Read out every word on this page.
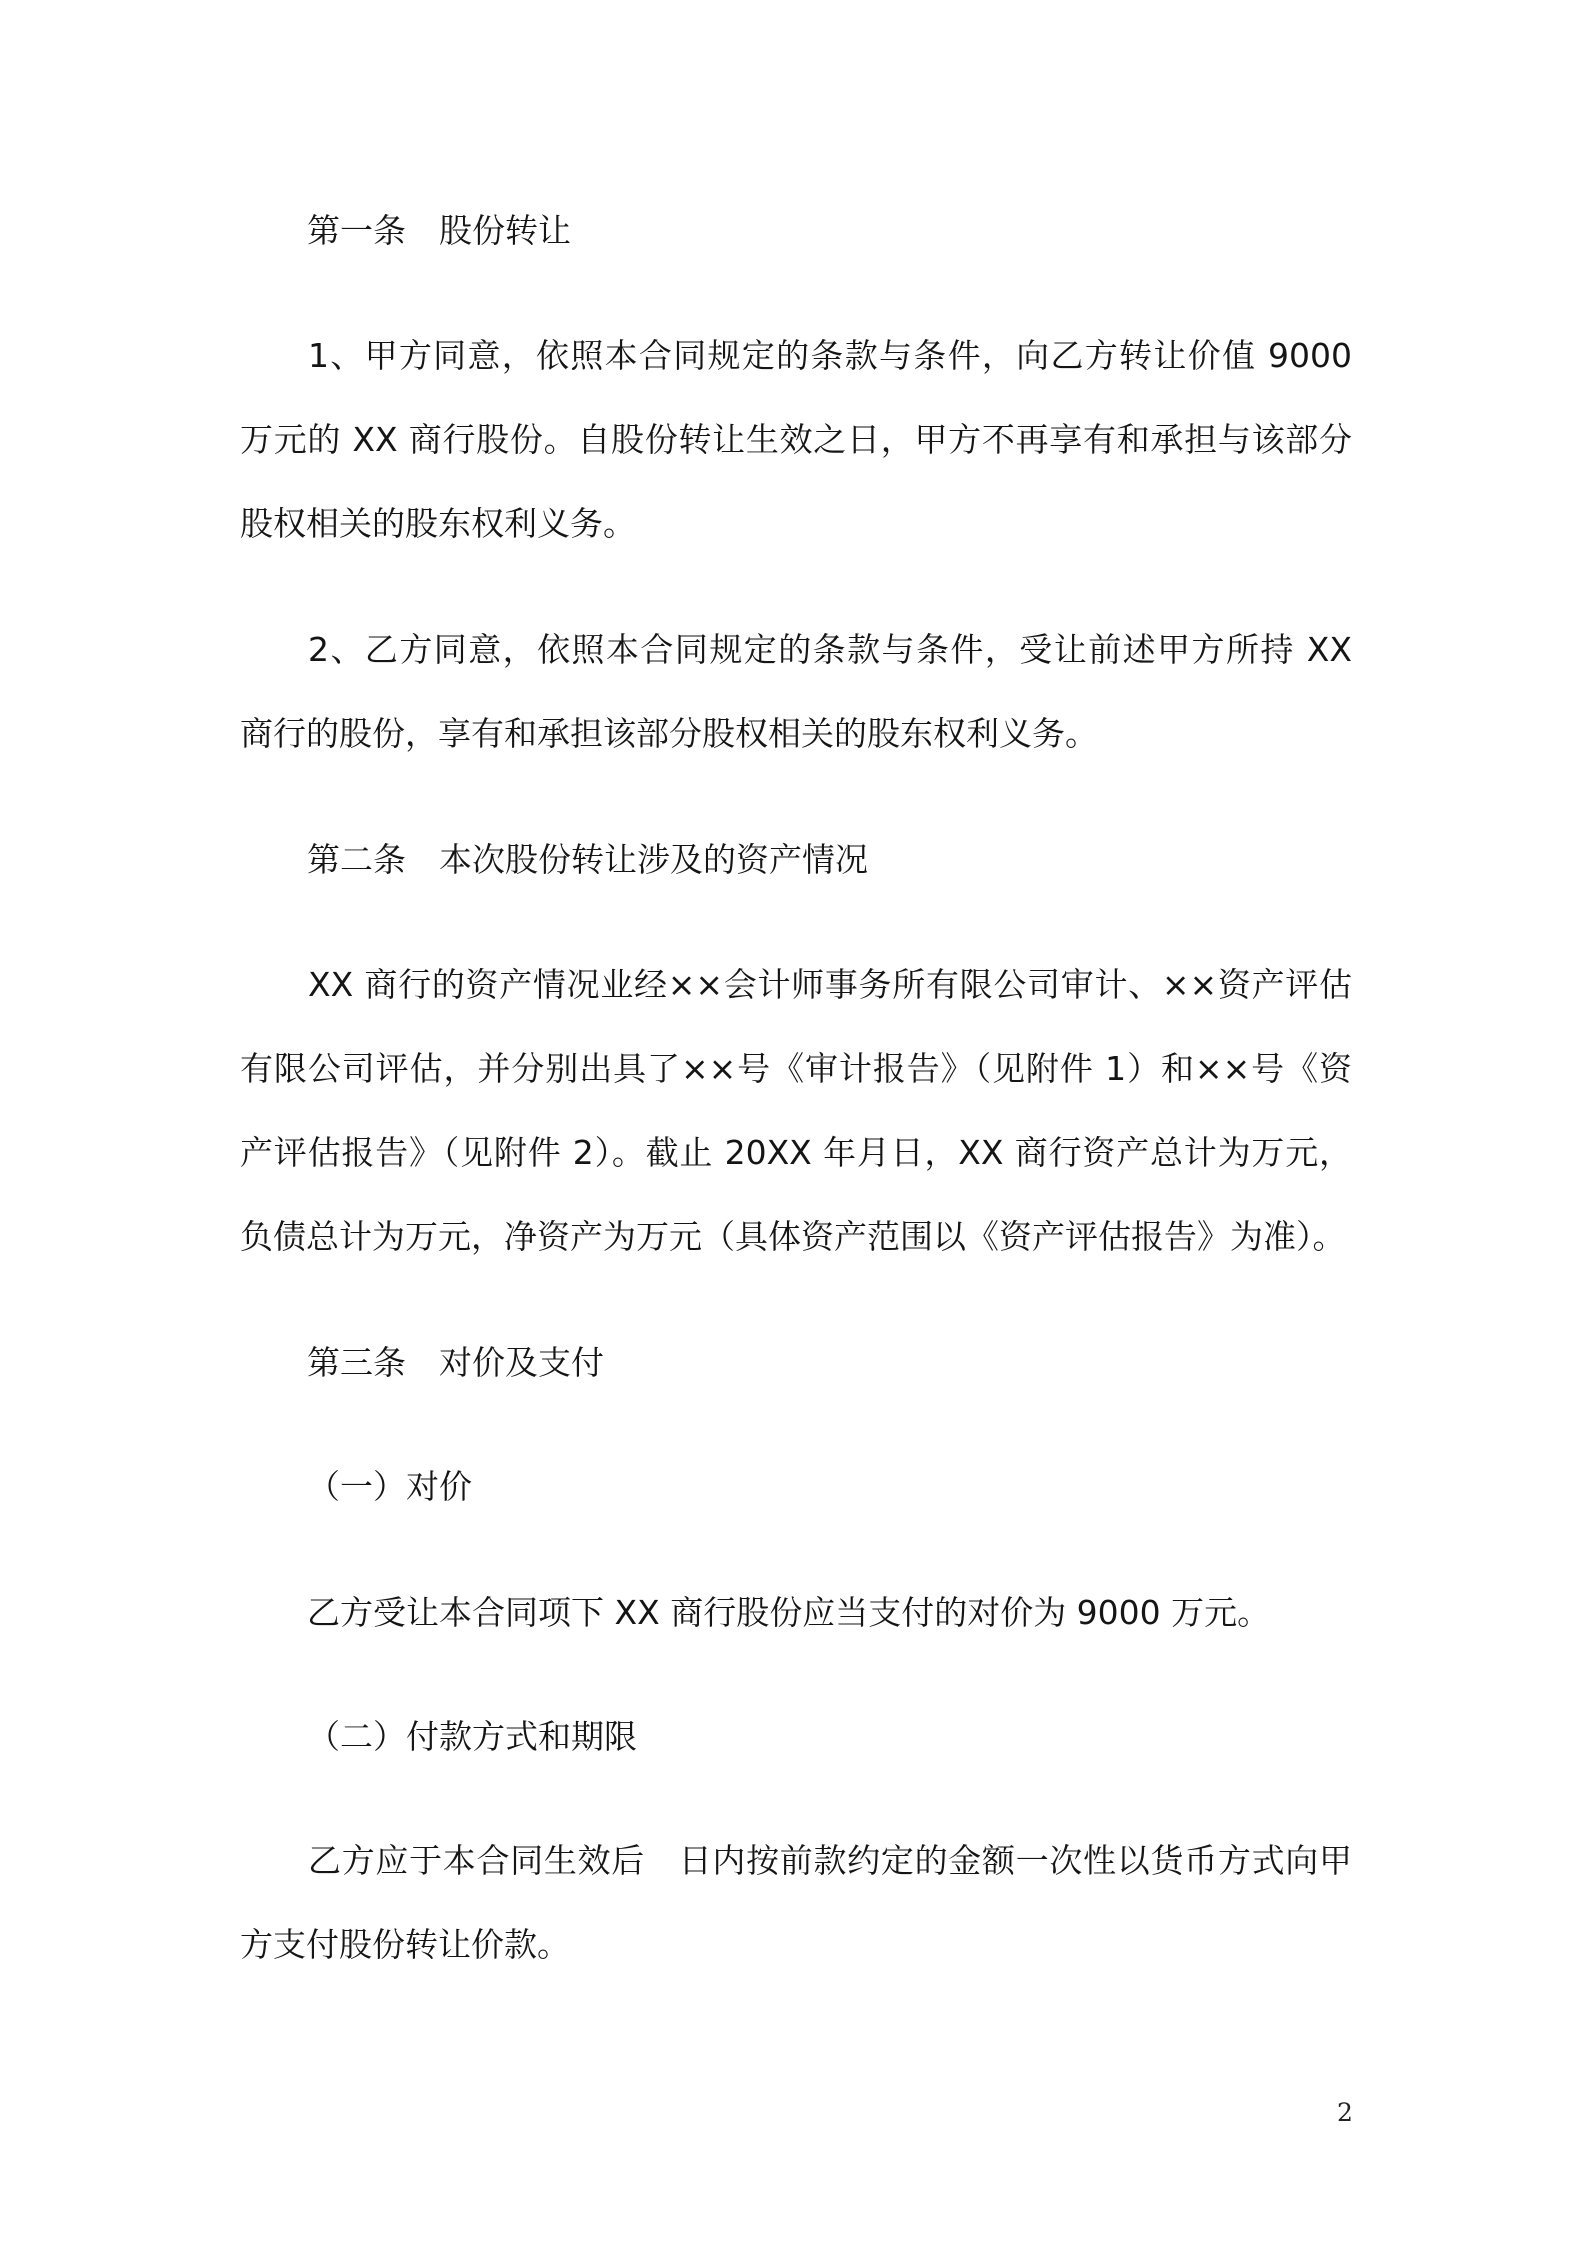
第一条　股份转让
1、甲方同意，依照本合同规定的条款与条件，向乙方转让价值 9000 万元的 XX 商行股份。自股份转让生效之日，甲方不再享有和承担与该部分股权相关的股东权利义务。
2、乙方同意，依照本合同规定的条款与条件，受让前述甲方所持 XX 商行的股份，享有和承担该部分股权相关的股东权利义务。
第二条　本次股份转让涉及的资产情况
XX 商行的资产情况业经××会计师事务所有限公司审计、××资产评估有限公司评估，并分别出具了××号《审计报告》（见附件 1）和××号《资产评估报告》（见附件 2）。截止 20XX 年月日，XX 商行资产总计为万元，负债总计为万元，净资产为万元（具体资产范围以《资产评估报告》为准）。
第三条　对价及支付
（一）对价
乙方受让本合同项下 XX 商行股份应当支付的对价为 9000 万元。
（二）付款方式和期限
乙方应于本合同生效后　日内按前款约定的金额一次性以货币方式向甲方支付股份转让价款。
2
